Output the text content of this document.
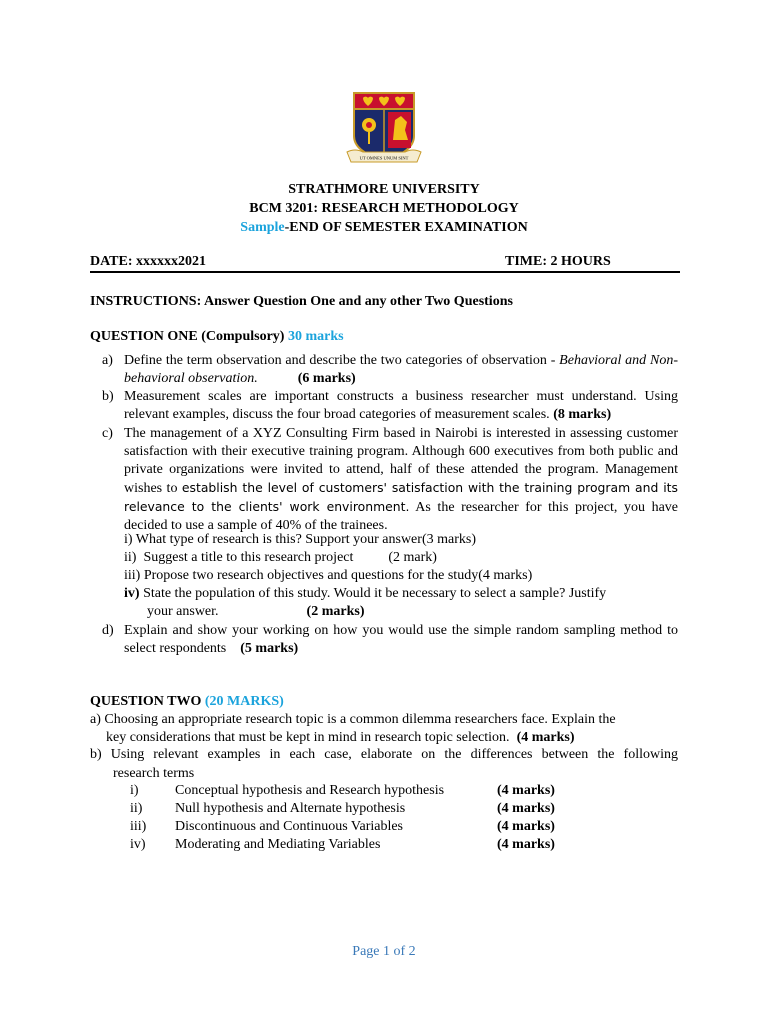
UT OMNES UNUM SINT
STRATHMORE UNIVERSITY
BCM 3201: RESEARCH METHODOLOGY
Sample-END OF SEMESTER EXAMINATION
DATE: xxxxxx2021	TIME: 2 HOURS
INSTRUCTIONS: Answer Question One and any other Two Questions
QUESTION ONE (Compulsory) 30 marks
a) Define the term observation and describe the two categories of observation - Behavioral and Non-behavioral observation.	(6 marks)
b) Measurement scales are important constructs a business researcher must understand. Using relevant examples, discuss the four broad categories of measurement scales. (8 marks)
c) The management of a XYZ Consulting Firm based in Nairobi is interested in assessing customer satisfaction with their executive training program. Although 600 executives from both public and private organizations were invited to attend, half of these attended the program. Management wishes to establish the level of customers' satisfaction with the training program and its relevance to the clients' work environment. As the researcher for this project, you have decided to use a sample of 40% of the trainees.
i) What type of research is this? Support your answer(3 marks)
ii)  Suggest a title to this research project          (2 mark)
iii) Propose two research objectives and questions for the study(4 marks)
iv) State the population of this study. Would it be necessary to select a sample? Justify
your answer.	(2 marks)
d) Explain and show your working on how you would use the simple random sampling method to select respondents    (5 marks)
QUESTION TWO (20 MARKS)
a) Choosing an appropriate research topic is a common dilemma researchers face. Explain the
key considerations that must be kept in mind in research topic selection.  (4 marks)
b) Using relevant examples in each case, elaborate on the differences between the following
research terms
i)	Conceptual hypothesis and Research hypothesis	(4 marks)
ii) Null hypothesis and Alternate hypothesis	(4 marks)
iii) Discontinuous and Continuous Variables	(4 marks)
iv) Moderating and Mediating Variables	(4 marks)
Page 1 of 2
